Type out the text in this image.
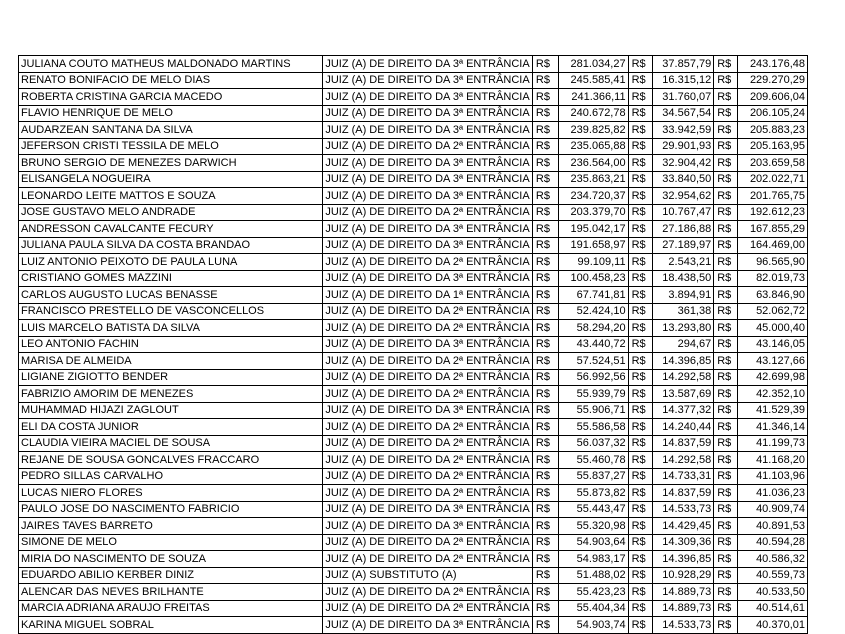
JULIANA COUTO MATHEUS MALDONADO MARTINS	JUIZ (A) DE DIREITO DA 3ª ENTRÂNCIA	R$	281.034,27	R$	37.857,79	R$	243.176,48
RENATO BONIFACIO DE MELO DIAS	JUIZ (A) DE DIREITO DA 3ª ENTRÂNCIA	R$	245.585,41	R$	16.315,12	R$	229.270,29
ROBERTA CRISTINA GARCIA MACEDO	JUIZ (A) DE DIREITO DA 3ª ENTRÂNCIA	R$	241.366,11	R$	31.760,07	R$	209.606,04
FLAVIO HENRIQUE DE MELO	JUIZ (A) DE DIREITO DA 3ª ENTRÂNCIA	R$	240.672,78	R$	34.567,54	R$	206.105,24
AUDARZEAN SANTANA DA SILVA	JUIZ (A) DE DIREITO DA 3ª ENTRÂNCIA	R$	239.825,82	R$	33.942,59	R$	205.883,23
JEFERSON CRISTI TESSILA DE MELO	JUIZ (A) DE DIREITO DA 2ª ENTRÂNCIA	R$	235.065,88	R$	29.901,93	R$	205.163,95
BRUNO SERGIO DE MENEZES DARWICH	JUIZ (A) DE DIREITO DA 3ª ENTRÂNCIA	R$	236.564,00	R$	32.904,42	R$	203.659,58
ELISANGELA NOGUEIRA	JUIZ (A) DE DIREITO DA 3ª ENTRÂNCIA	R$	235.863,21	R$	33.840,50	R$	202.022,71
LEONARDO LEITE MATTOS E SOUZA	JUIZ (A) DE DIREITO DA 3ª ENTRÂNCIA	R$	234.720,37	R$	32.954,62	R$	201.765,75
JOSE GUSTAVO MELO ANDRADE	JUIZ (A) DE DIREITO DA 2ª ENTRÂNCIA	R$	203.379,70	R$	10.767,47	R$	192.612,23
ANDRESSON CAVALCANTE FECURY	JUIZ (A) DE DIREITO DA 3ª ENTRÂNCIA	R$	195.042,17	R$	27.186,88	R$	167.855,29
JULIANA PAULA SILVA DA COSTA BRANDAO	JUIZ (A) DE DIREITO DA 3ª ENTRÂNCIA	R$	191.658,97	R$	27.189,97	R$	164.469,00
LUIZ ANTONIO PEIXOTO DE PAULA LUNA	JUIZ (A) DE DIREITO DA 2ª ENTRÂNCIA	R$	99.109,11	R$	2.543,21	R$	96.565,90
CRISTIANO GOMES MAZZINI	JUIZ (A) DE DIREITO DA 3ª ENTRÂNCIA	R$	100.458,23	R$	18.438,50	R$	82.019,73
CARLOS AUGUSTO LUCAS BENASSE	JUIZ (A) DE DIREITO DA 1ª ENTRÂNCIA	R$	67.741,81	R$	3.894,91	R$	63.846,90
FRANCISCO PRESTELLO DE VASCONCELLOS	JUIZ (A) DE DIREITO DA 2ª ENTRÂNCIA	R$	52.424,10	R$	361,38	R$	52.062,72
LUIS MARCELO BATISTA DA SILVA	JUIZ (A) DE DIREITO DA 2ª ENTRÂNCIA	R$	58.294,20	R$	13.293,80	R$	45.000,40
LEO ANTONIO FACHIN	JUIZ (A) DE DIREITO DA 3ª ENTRÂNCIA	R$	43.440,72	R$	294,67	R$	43.146,05
MARISA DE ALMEIDA	JUIZ (A) DE DIREITO DA 2ª ENTRÂNCIA	R$	57.524,51	R$	14.396,85	R$	43.127,66
LIGIANE ZIGIOTTO BENDER	JUIZ (A) DE DIREITO DA 2ª ENTRÂNCIA	R$	56.992,56	R$	14.292,58	R$	42.699,98
FABRIZIO AMORIM DE MENEZES	JUIZ (A) DE DIREITO DA 2ª ENTRÂNCIA	R$	55.939,79	R$	13.587,69	R$	42.352,10
MUHAMMAD HIJAZI ZAGLOUT	JUIZ (A) DE DIREITO DA 3ª ENTRÂNCIA	R$	55.906,71	R$	14.377,32	R$	41.529,39
ELI DA COSTA JUNIOR	JUIZ (A) DE DIREITO DA 2ª ENTRÂNCIA	R$	55.586,58	R$	14.240,44	R$	41.346,14
CLAUDIA VIEIRA MACIEL DE SOUSA	JUIZ (A) DE DIREITO DA 2ª ENTRÂNCIA	R$	56.037,32	R$	14.837,59	R$	41.199,73
REJANE DE SOUSA GONCALVES FRACCARO	JUIZ (A) DE DIREITO DA 2ª ENTRÂNCIA	R$	55.460,78	R$	14.292,58	R$	41.168,20
PEDRO SILLAS CARVALHO	JUIZ (A) DE DIREITO DA 2ª ENTRÂNCIA	R$	55.837,27	R$	14.733,31	R$	41.103,96
LUCAS NIERO FLORES	JUIZ (A) DE DIREITO DA 2ª ENTRÂNCIA	R$	55.873,82	R$	14.837,59	R$	41.036,23
PAULO JOSE DO NASCIMENTO FABRICIO	JUIZ (A) DE DIREITO DA 3ª ENTRÂNCIA	R$	55.443,47	R$	14.533,73	R$	40.909,74
JAIRES TAVES BARRETO	JUIZ (A) DE DIREITO DA 3ª ENTRÂNCIA	R$	55.320,98	R$	14.429,45	R$	40.891,53
SIMONE DE MELO	JUIZ (A) DE DIREITO DA 2ª ENTRÂNCIA	R$	54.903,64	R$	14.309,36	R$	40.594,28
MIRIA DO NASCIMENTO DE SOUZA	JUIZ (A) DE DIREITO DA 2ª ENTRÂNCIA	R$	54.983,17	R$	14.396,85	R$	40.586,32
EDUARDO ABILIO KERBER DINIZ	JUIZ (A) SUBSTITUTO (A)	R$	51.488,02	R$	10.928,29	R$	40.559,73
ALENCAR DAS NEVES BRILHANTE	JUIZ (A) DE DIREITO DA 2ª ENTRÂNCIA	R$	55.423,23	R$	14.889,73	R$	40.533,50
MARCIA ADRIANA ARAUJO FREITAS	JUIZ (A) DE DIREITO DA 2ª ENTRÂNCIA	R$	55.404,34	R$	14.889,73	R$	40.514,61
KARINA MIGUEL SOBRAL	JUIZ (A) DE DIREITO DA 3ª ENTRÂNCIA	R$	54.903,74	R$	14.533,73	R$	40.370,01
